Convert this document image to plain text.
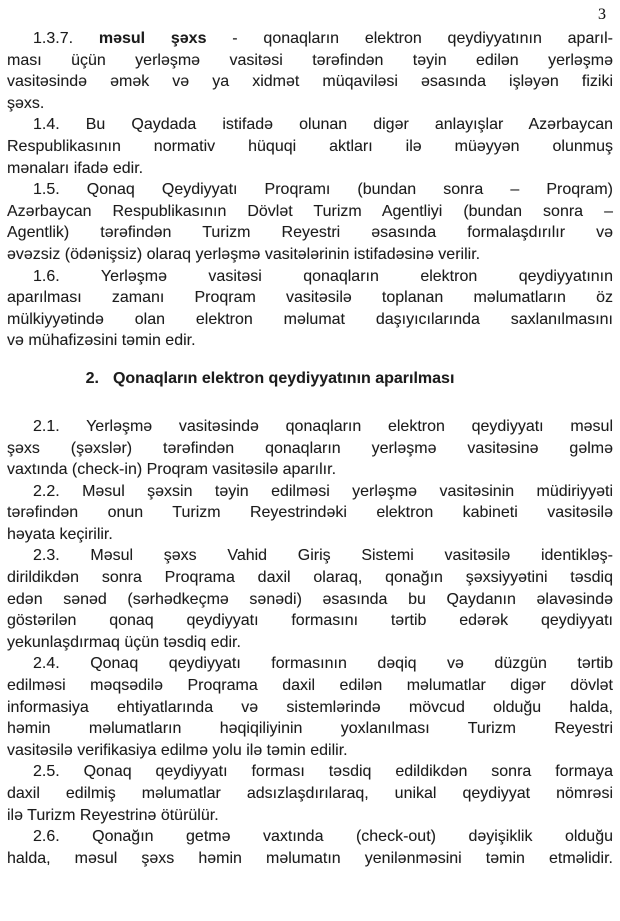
3
1.3.7. məsul şəxs - qonaqların elektron qeydiyyatının aparıl-
ması üçün yerləşmə vasitəsi tərəfindən təyin edilən yerləşmə
vasitəsində əmək və ya xidmət müqaviləsi əsasında işləyən fiziki
şəxs.
1.4. Bu Qaydada istifadə olunan digər anlayışlar Azərbaycan
Respublikasının normativ hüquqi aktları ilə müəyyən olunmuş
mənaları ifadə edir.
1.5. Qonaq Qeydiyyatı Proqramı (bundan sonra – Proqram)
Azərbaycan Respublikasının Dövlət Turizm Agentliyi (bundan sonra –
Agentlik) tərəfindən Turizm Reyestri əsasında formalaşdırılır və
əvəzsiz (ödənişsiz) olaraq yerləşmə vasitələrinin istifadəsinə verilir.
1.6. Yerləşmə vasitəsi qonaqların elektron qeydiyyatının
aparılması zamanı Proqram vasitəsilə toplanan məlumatların öz
mülkiyyətində olan elektron məlumat daşıyıcılarında saxlanılmasını
və mühafizəsini təmin edir.
2. Qonaqların elektron qeydiyyatının aparılması
2.1. Yerləşmə vasitəsində qonaqların elektron qeydiyyatı məsul
şəxs (şəxslər) tərəfindən qonaqların yerləşmə vasitəsinə gəlmə
vaxtında (check-in) Proqram vasitəsilə aparılır.
2.2. Məsul şəxsin təyin edilməsi yerləşmə vasitəsinin müdiriyyəti
tərəfindən onun Turizm Reyestrindəki elektron kabineti vasitəsilə
həyata keçirilir.
2.3. Məsul şəxs Vahid Giriş Sistemi vasitəsilə identikləş-
dirildikdən sonra Proqrama daxil olaraq, qonağın şəxsiyyətini təsdiq
edən sənəd (sərhədkeçmə sənədi) əsasında bu Qaydanın əlavəsində
göstərilən qonaq qeydiyyatı formasını tərtib edərək qeydiyyatı
yekunlaşdırmaq üçün təsdiq edir.
2.4. Qonaq qeydiyyatı formasının dəqiq və düzgün tərtib
edilməsi məqsədilə Proqrama daxil edilən məlumatlar digər dövlət
informasiya ehtiyatlarında və sistemlərində mövcud olduğu halda,
həmin məlumatların həqiqiliyinin yoxlanılması Turizm Reyestri
vasitəsilə verifikasiya edilmə yolu ilə təmin edilir.
2.5. Qonaq qeydiyyatı forması təsdiq edildikdən sonra formaya
daxil edilmiş məlumatlar adsızlaşdırılaraq, unikal qeydiyyat nömrəsi
ilə Turizm Reyestrinə ötürülür.
2.6. Qonağın getmə vaxtında (check-out) dəyişiklik olduğu
halda, məsul şəxs həmin məlumatın yenilənməsini təmin etməlidir.
